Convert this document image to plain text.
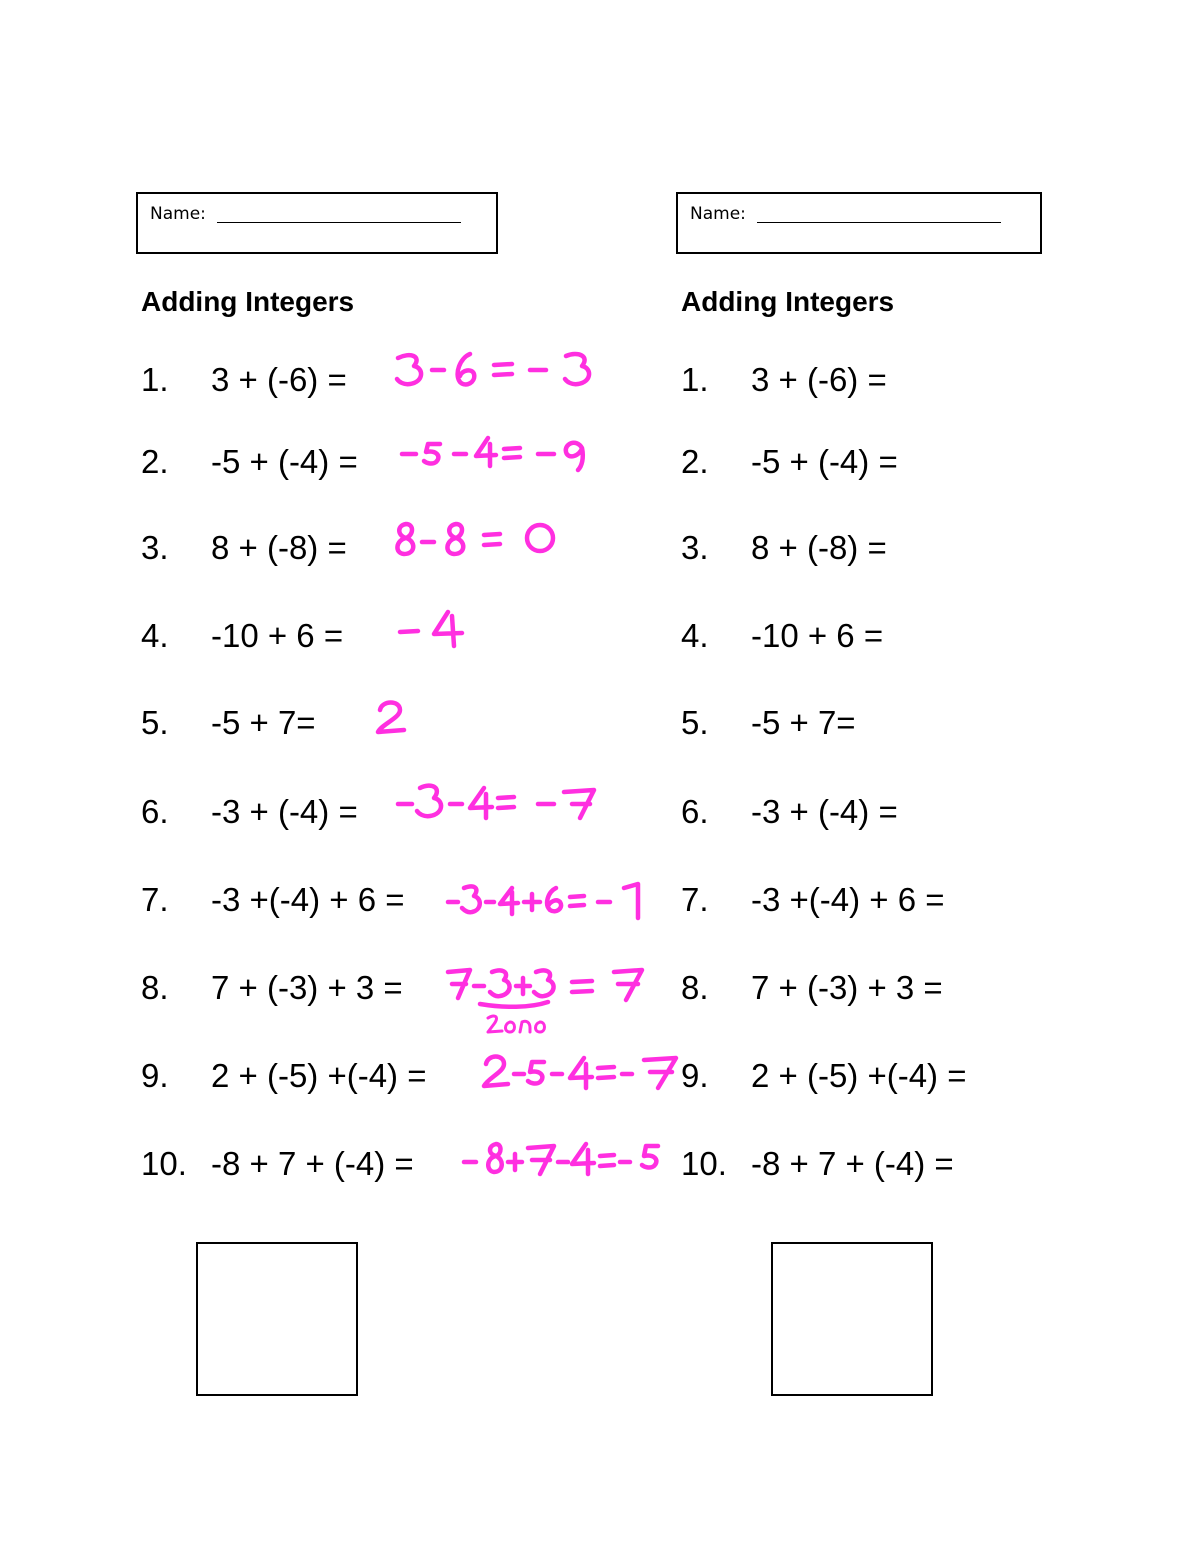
Name:
Adding Integers
1. 3 + (-6) =
2. -5 + (-4) =
3. 8 + (-8) =
4. -10 + 6 =
5. -5 + 7=
6. -3 + (-4) =
7. -3 +(-4) + 6 =
8. 7 + (-3) + 3 =
9. 2 + (-5) +(-4) =
10. -8 + 7 + (-4) =
Name:
Adding Integers
1. 3 + (-6) =
2. -5 + (-4) =
3. 8 + (-8) =
4. -10 + 6 =
5. -5 + 7=
6. -3 + (-4) =
7. -3 +(-4) + 6 =
8. 7 + (-3) + 3 =
9. 2 + (-5) +(-4) =
10. -8 + 7 + (-4) =
